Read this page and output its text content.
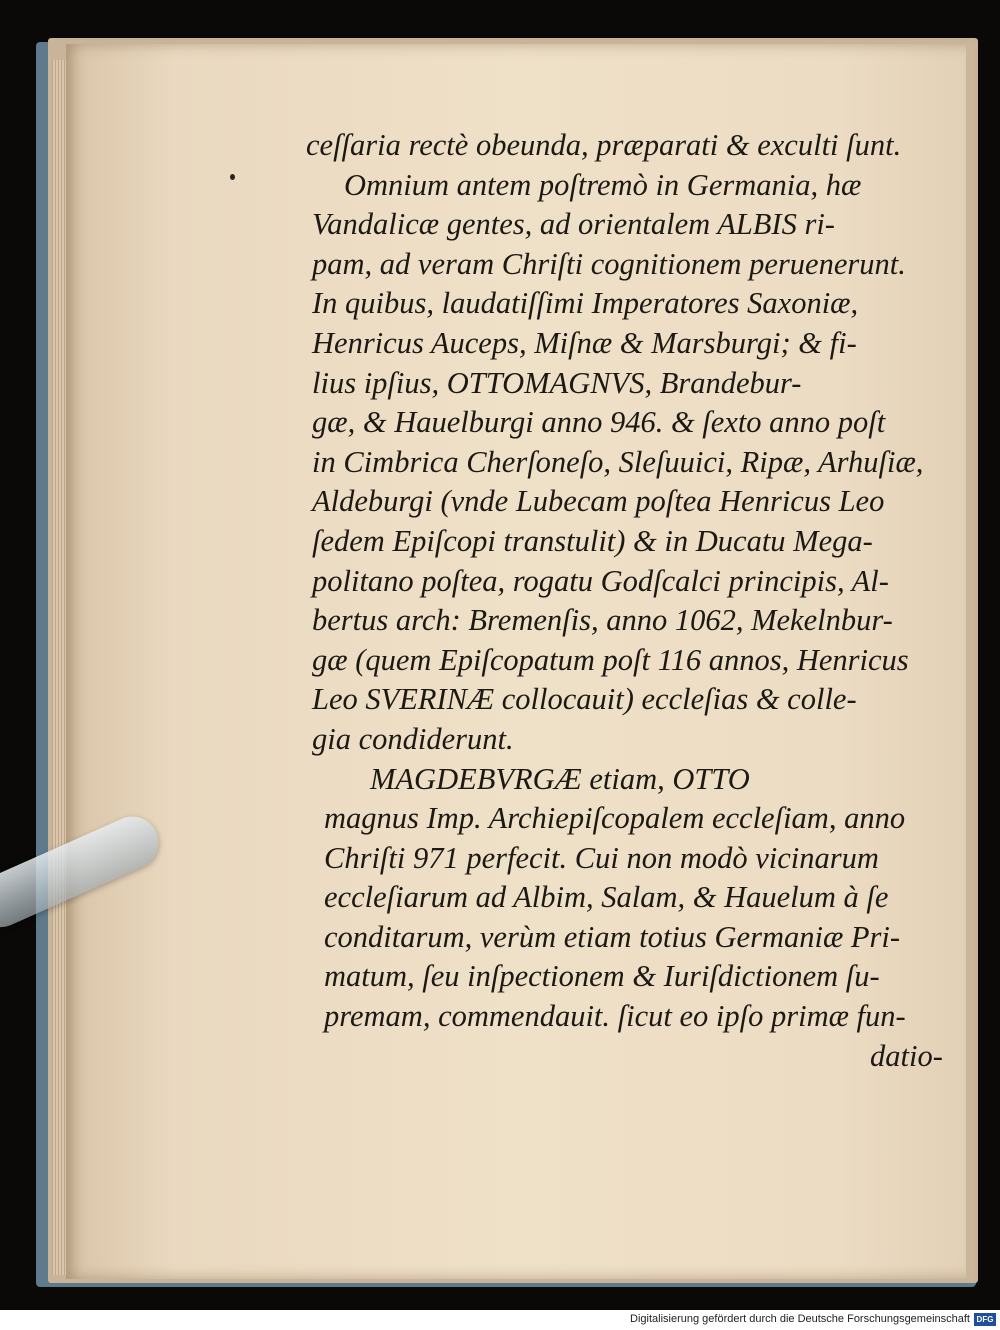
ceſſaria rectè obeunda, præparati & exculti ſunt.
Omnium antem poſtremò in Germania, hæ
Vandalicæ gentes, ad orientalem ALBIS ri-
pam, ad veram Chriſti cognitionem peruenerunt.
In quibus, laudatiſſimi Imperatores Saxoniæ,
Henricus Auceps, Miſnæ & Marsburgi; & fi-
lius ipſius, OTTOMAGNVS, Brandebur-
gæ, & Hauelburgi anno 946. & ſexto anno poſt
in Cimbrica Cherſoneſo, Sleſuuici, Ripæ, Arhuſiæ,
Aldeburgi (vnde Lubecam poſtea Henricus Leo
ſedem Epiſcopi transtulit) & in Ducatu Mega-
politano poſtea, rogatu Godſcalci principis, Al-
bertus arch: Bremenſis, anno 1062, Mekelnbur-
gæ (quem Epiſcopatum poſt 116 annos, Henricus
Leo SVERINÆ collocauit) eccleſias & colle-
gia condiderunt.
MAGDEBVRGÆ etiam, OTTO
magnus Imp. Archiepiſcopalem eccleſiam, anno
Chriſti 971 perfecit. Cui non modò vicinarum
eccleſiarum ad Albim, Salam, & Hauelum à ſe
conditarum, verùm etiam totius Germaniæ Pri-
matum, ſeu inſpectionem & Iuriſdictionem ſu-
premam, commendauit. ſicut eo ipſo primæ fun-
datio-
Digitalisierung gefördert durch die Deutsche Forschungsgemeinschaft DFG
